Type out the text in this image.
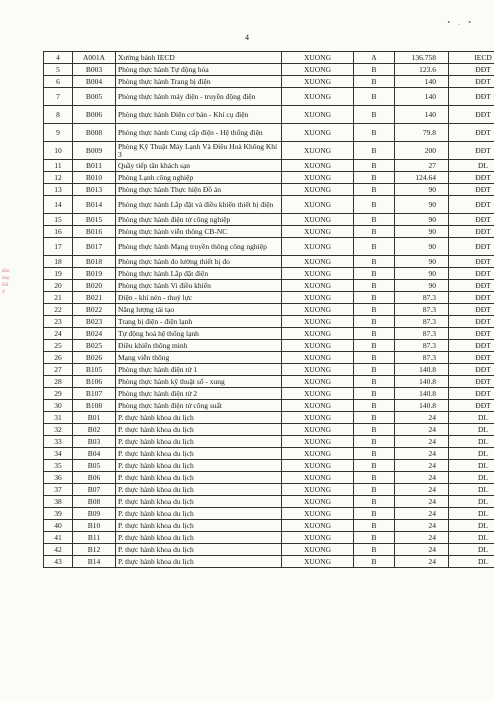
4
• . •
đùn
duọ
Đã
đ
4	A001A	Xưởng bánh IECD	XUONG	A	136.758	IECD
5	B003	Phòng thực hành Tự động hóa	XUONG	B	123.6	ĐĐT
6	B004	Phòng thực hành Trang bị điện	XUONG	B	140	ĐĐT
7	B005	Phòng thực hành máy điện - truyền động điện	XUONG	B	140	ĐĐT
8	B006	Phòng thực hành Điện cơ bản - Khí cụ điện	XUONG	B	140	ĐĐT
9	B008	Phòng thực hành Cung cấp điện - Hệ thống điện	XUONG	B	79.8	ĐĐT
10	B009	Phòng Kỹ Thuật Máy Lạnh Và Điều Hoà Không Khí 3	XUONG	B	200	ĐĐT
11	B011	Quầy tiếp tân khách sạn	XUONG	B	27	DL
12	B010	Phòng Lạnh công nghiệp	XUONG	B	124.64	ĐĐT
13	B013	Phòng thực hành Thực hiện Đồ án	XUONG	B	90	ĐĐT
14	B014	Phòng thực hành Lắp đặt và điều khiển thiết bị điện	XUONG	B	90	ĐĐT
15	B015	Phòng thực hành điện tử công nghiệp	XUONG	B	90	ĐĐT
16	B016	Phòng thực hành viễn thông CB-NC	XUONG	B	90	ĐĐT
17	B017	Phòng thực hành Mạng truyền thông công nghiệp	XUONG	B	90	ĐĐT
18	B018	Phòng thực hành đo lường thiết bị đo	XUONG	B	90	ĐĐT
19	B019	Phòng thực hành Lắp đặt điện	XUONG	B	90	ĐĐT
20	B020	Phòng thực hành Vi điều khiển	XUONG	B	90	ĐĐT
21	B021	Điện - khí nén - thuỷ lực	XUONG	B	87.3	ĐĐT
22	B022	Năng lượng tái tạo	XUONG	B	87.3	ĐĐT
23	B023	Trang bị điện - điện lạnh	XUONG	B	87.3	ĐĐT
24	B024	Tự động hoá hệ thống lạnh	XUONG	B	87.3	ĐĐT
25	B025	Điều khiển thông minh	XUONG	B	87.3	ĐĐT
26	B026	Mạng viễn thông	XUONG	B	87.3	ĐĐT
27	B105	Phòng thực hành điện tử 1	XUONG	B	140.8	ĐĐT
28	B106	Phòng thực hành kỹ thuật số - xung	XUONG	B	140.8	ĐĐT
29	B107	Phòng thực hành điện tử 2	XUONG	B	140.8	ĐĐT
30	B108	Phòng thực hành điện tử công suất	XUONG	B	140.8	ĐĐT
31	B01	P. thực hành khoa du lịch	XUONG	B	24	DL
32	B02	P. thực hành khoa du lịch	XUONG	B	24	DL
33	B03	P. thực hành khoa du lịch	XUONG	B	24	DL
34	B04	P. thực hành khoa du lịch	XUONG	B	24	DL
35	B05	P. thực hành khoa du lịch	XUONG	B	24	DL
36	B06	P. thực hành khoa du lịch	XUONG	B	24	DL
37	B07	P. thực hành khoa du lịch	XUONG	B	24	DL
38	B08	P. thực hành khoa du lịch	XUONG	B	24	DL
39	B09	P. thực hành khoa du lịch	XUONG	B	24	DL
40	B10	P. thực hành khoa du lịch	XUONG	B	24	DL
41	B11	P. thực hành khoa du lịch	XUONG	B	24	DL
42	B12	P. thực hành khoa du lịch	XUONG	B	24	DL
43	B14	P. thực hành khoa du lịch	XUONG	B	24	DL
